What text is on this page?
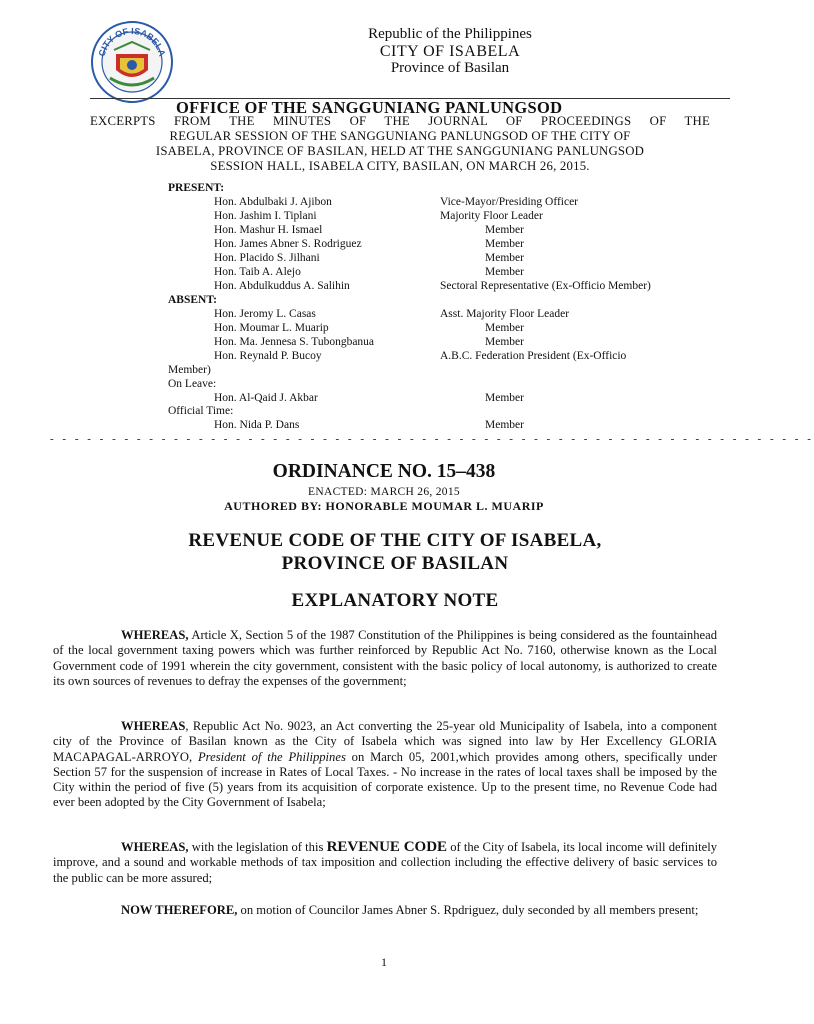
CITY OF ISABELA
Republic of the Philippines
CITY OF ISABELA
Province of Basilan
OFFICE OF THE SANGGUNIANG PANLUNGSOD
EXCERPTS FROM THE MINUTES OF THE JOURNAL OF PROCEEDINGS OF THE
REGULAR SESSION OF THE SANGGUNIANG PANLUNGSOD OF THE CITY OF
ISABELA, PROVINCE OF BASILAN, HELD AT THE SANGGUNIANG PANLUNGSOD
SESSION HALL, ISABELA CITY, BASILAN, ON MARCH 26, 2015.
PRESENT:
Hon. Abdulbaki J. Ajibon	Vice-Mayor/Presiding Officer
Hon. Jashim I. Tiplani	Majority Floor Leader
Hon. Mashur H. Ismael	Member
Hon. James Abner S. Rodriguez	Member
Hon. Placido S. Jilhani	Member
Hon. Taib A. Alejo	Member
Hon. Abdulkuddus A. Salihin	Sectoral Representative (Ex-Officio Member)
ABSENT:
Hon. Jeromy L. Casas	Asst. Majority Floor Leader
Hon. Moumar L. Muarip	Member
Hon. Ma. Jennesa S. Tubongbanua	Member
Hon. Reynald P. Bucoy	A.B.C. Federation President (Ex-Officio
Member)
On Leave:
Hon. Al-Qaid J. Akbar	Member
Official Time:
Hon. Nida P. Dans	Member
- - - - - - - - - - - - - - - - - - - - - - - - - - - - - - - - - - - - - - - - - - - - - - - - - - - - - - - - - - - - - -
ORDINANCE NO. 15–438
ENACTED: MARCH 26, 2015
AUTHORED BY: HONORABLE MOUMAR L. MUARIP
REVENUE CODE OF THE CITY OF ISABELA,
PROVINCE OF BASILAN
EXPLANATORY NOTE
WHEREAS, Article X, Section 5 of the 1987 Constitution of the Philippines is being considered as the fountainhead of the local government taxing powers which was further reinforced by Republic Act No. 7160, otherwise known as the Local Government code of 1991 wherein the city government, consistent with the basic policy of local autonomy, is authorized to create its own sources of revenues to defray the expenses of the government;
WHEREAS, Republic Act No. 9023, an Act converting the 25-year old Municipality of Isabela, into a component city of the Province of Basilan known as the City of Isabela which was signed into law by Her Excellency GLORIA MACAPAGAL-ARROYO, President of the Philippines on March 05, 2001,which provides among others, specifically under Section 57 for the suspension of increase in Rates of Local Taxes. - No increase in the rates of local taxes shall be imposed by the City within the period of five (5) years from its acquisition of corporate existence. Up to the present time, no Revenue Code had ever been adopted by the City Government of Isabela;
WHEREAS, with the legislation of this REVENUE CODE of the City of Isabela, its local income will definitely improve, and a sound and workable methods of tax imposition and collection including the effective delivery of basic services to the public can be more assured;
NOW THEREFORE, on motion of Councilor James Abner S. Rpdriguez, duly seconded by all members present;
1
